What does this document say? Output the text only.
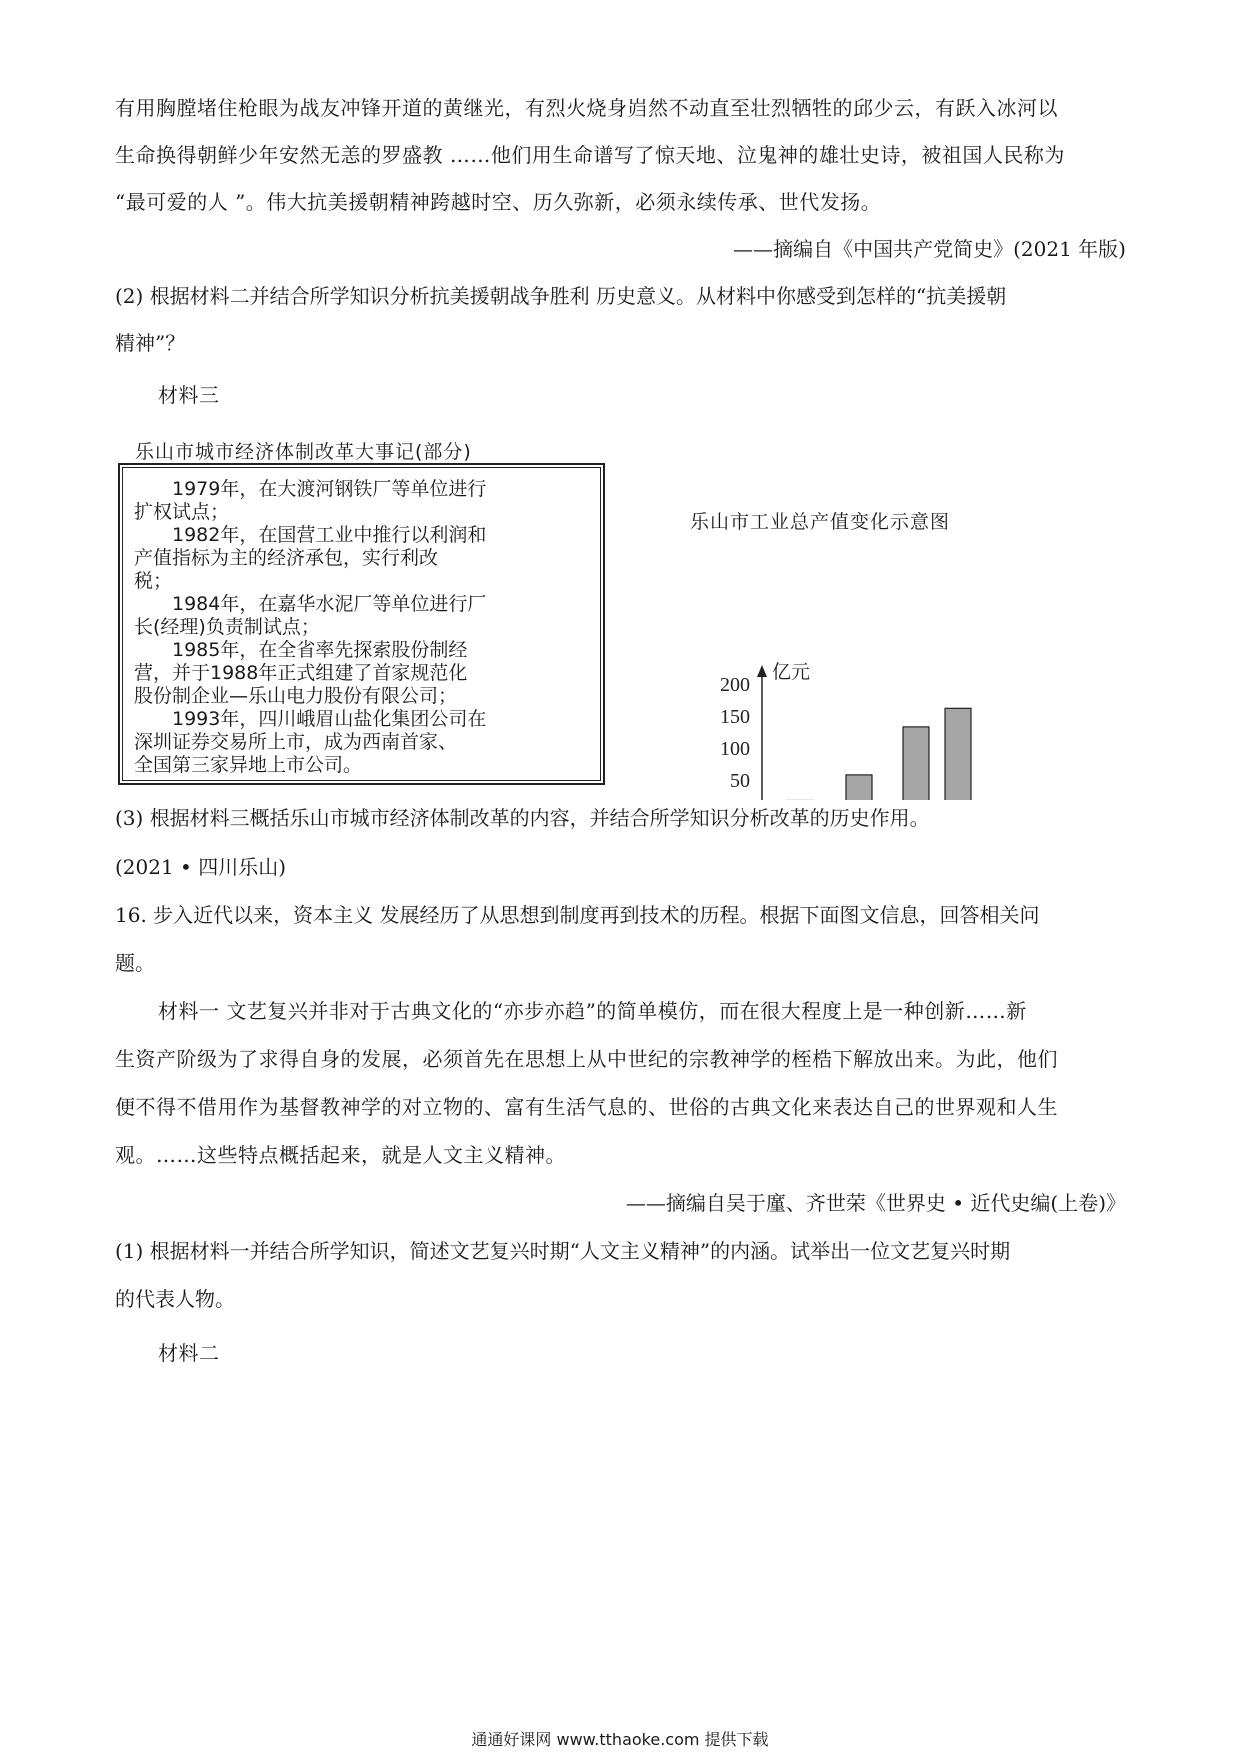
有用胸膛堵住枪眼为战友冲锋开道的黄继光，有烈火烧身岿然不动直至壮烈牺牲的邱少云，有跃入冰河以
生命换得朝鲜少年安然无恙的罗盛教 ……他们用生命谱写了惊天地、泣鬼神的雄壮史诗，被祖国人民称为
“最可爱的人 ”。伟大抗美援朝精神跨越时空、历久弥新，必须永续传承、世代发扬。
——摘编自《中国共产党简史》(2021 年版)
(2) 根据材料二并结合所学知识分析抗美援朝战争胜利 历史意义。从材料中你感受到怎样的“抗美援朝
精神”？
材料三
乐山市城市经济体制改革大事记(部分)
1979年，在大渡河钢铁厂等单位进行
扩权试点；
1982年，在国营工业中推行以利润和
产值指标为主的经济承包，实行利改
税；
1984年，在嘉华水泥厂等单位进行厂
长(经理)负责制试点；
1985年，在全省率先探索股份制经
营，并于1988年正式组建了首家规范化
股份制企业—乐山电力股份有限公司；
1993年，四川峨眉山盐化集团公司在
深圳证券交易所上市，成为西南首家、
全国第三家异地上市公司。
乐山市工业总产值变化示意图
50
100
150
200
亿元
(3) 根据材料三概括乐山市城市经济体制改革的内容，并结合所学知识分析改革的历史作用。
(2021 • 四川乐山)
16. 步入近代以来，资本主义 发展经历了从思想到制度再到技术的历程。根据下面图文信息，回答相关问
题。
材料一 文艺复兴并非对于古典文化的“亦步亦趋”的简单模仿，而在很大程度上是一种创新……新
生资产阶级为了求得自身的发展，必须首先在思想上从中世纪的宗教神学的桎梏下解放出来。为此，他们
便不得不借用作为基督教神学的对立物的、富有生活气息的、世俗的古典文化来表达自己的世界观和人生
观。……这些特点概括起来，就是人文主义精神。
——摘编自吴于廑、齐世荣《世界史 • 近代史编(上卷)》
(1) 根据材料一并结合所学知识，简述文艺复兴时期“人文主义精神”的内涵。试举出一位文艺复兴时期
的代表人物。
材料二
通通好课网 www.tthaoke.com 提供下载
